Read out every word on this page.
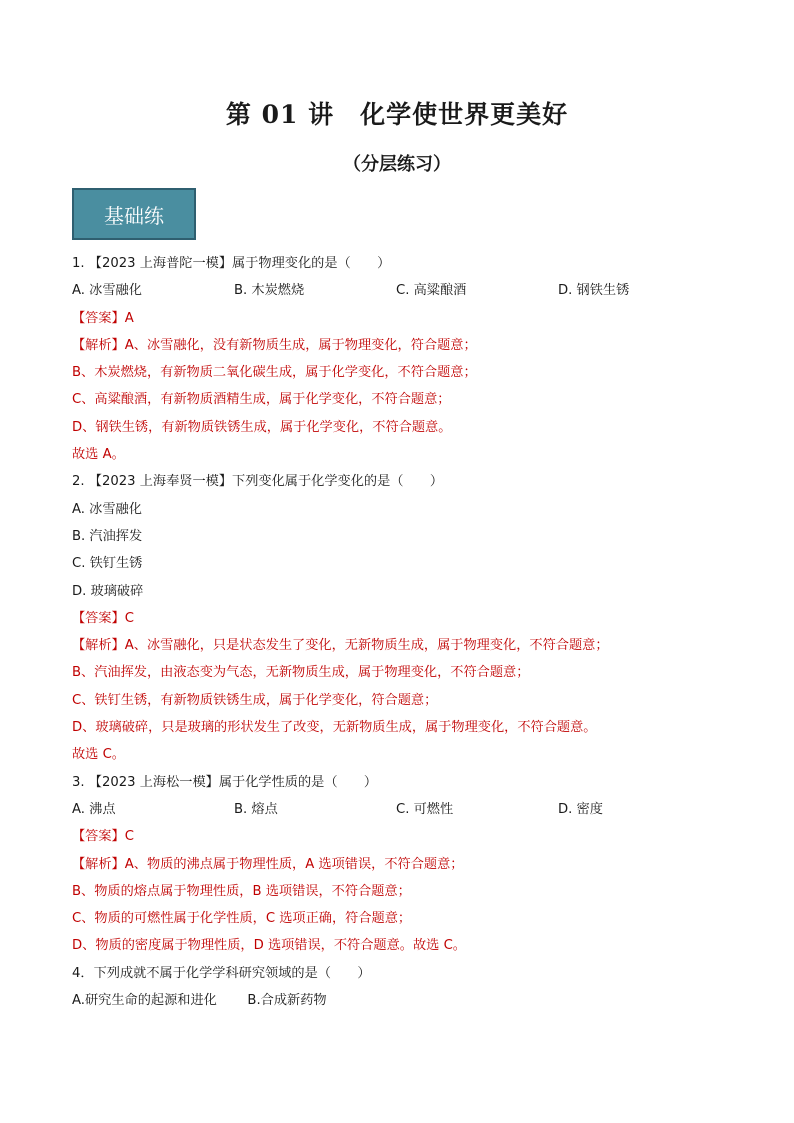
第 01 讲　化学使世界更美好
（分层练习）
基础练
1. 【2023 上海普陀一模】属于物理变化的是（　　）
A. 冰雪融化	B. 木炭燃烧	C. 高粱酿酒	D. 钢铁生锈
【答案】A
【解析】A、冰雪融化，没有新物质生成，属于物理变化，符合题意；
B、木炭燃烧，有新物质二氧化碳生成，属于化学变化，不符合题意；
C、高粱酿酒，有新物质酒精生成，属于化学变化，不符合题意；
D、钢铁生锈，有新物质铁锈生成，属于化学变化，不符合题意。
故选 A。
2. 【2023 上海奉贤一模】下列变化属于化学变化的是（　　）
A. 冰雪融化
B. 汽油挥发
C. 铁钉生锈
D. 玻璃破碎
【答案】C
【解析】A、冰雪融化，只是状态发生了变化，无新物质生成，属于物理变化，不符合题意；
B、汽油挥发，由液态变为气态，无新物质生成，属于物理变化，不符合题意；
C、铁钉生锈，有新物质铁锈生成，属于化学变化，符合题意；
D、玻璃破碎，只是玻璃的形状发生了改变，无新物质生成，属于物理变化，不符合题意。
故选 C。
3. 【2023 上海松一模】属于化学性质的是（　　）
A. 沸点	B. 熔点	C. 可燃性	D. 密度
【答案】C
【解析】A、物质的沸点属于物理性质，A 选项错误，不符合题意；
B、物质的熔点属于物理性质，B 选项错误，不符合题意；
C、物质的可燃性属于化学性质，C 选项正确，符合题意；
D、物质的密度属于物理性质，D 选项错误，不符合题意。故选 C。
4．下列成就不属于化学学科研究领域的是（　　）
A.研究生命的起源和进化　　 B.合成新药物
